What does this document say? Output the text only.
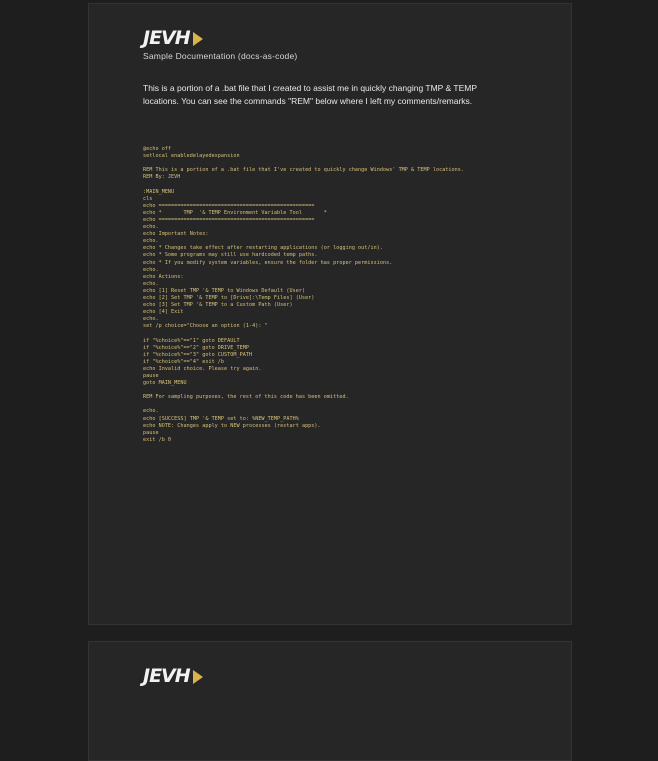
JEVH
Sample Documentation (docs-as-code)
This is a portion of a .bat file that I created to assist me in quickly changing TMP & TEMP locations. You can see the commands "REM" below where I left my comments/remarks.
@echo off
setlocal enabledelayedexpansion

REM This is a portion of a .bat file that I've created to quickly change Windows' TMP & TEMP locations.
REM By: JEVH

:MAIN_MENU
cls
echo ==================================================
echo *       TMP  '& TEMP Environment Variable Tool       *
echo ==================================================
echo.
echo Important Notes:
echo.
echo * Changes take effect after restarting applications (or logging out/in).
echo * Some programs may still use hardcoded temp paths.
echo * If you modify system variables, ensure the folder has proper permissions.
echo.
echo Actions:
echo.
echo [1] Reset TMP '& TEMP to Windows Default (User)
echo [2] Set TMP '& TEMP to [Drive]:\Temp Files] (User)
echo [3] Set TMP '& TEMP to a Custom Path (User)
echo [4] Exit
echo.
set /p choice="Choose an option (1-4): "

if "%choice%"=="1" goto DEFAULT
if "%choice%"=="2" goto DRIVE_TEMP
if "%choice%"=="3" goto CUSTOM_PATH
if "%choice%"=="4" exit /b
echo Invalid choice. Please try again.
pause
goto MAIN_MENU

REM For sampling purposes, the rest of this code has been omitted.

echo.
echo [SUCCESS] TMP '& TEMP set to: %NEW_TEMP_PATH%
echo NOTE: Changes apply to NEW processes (restart apps).
pause
exit /b 0
JEVH
